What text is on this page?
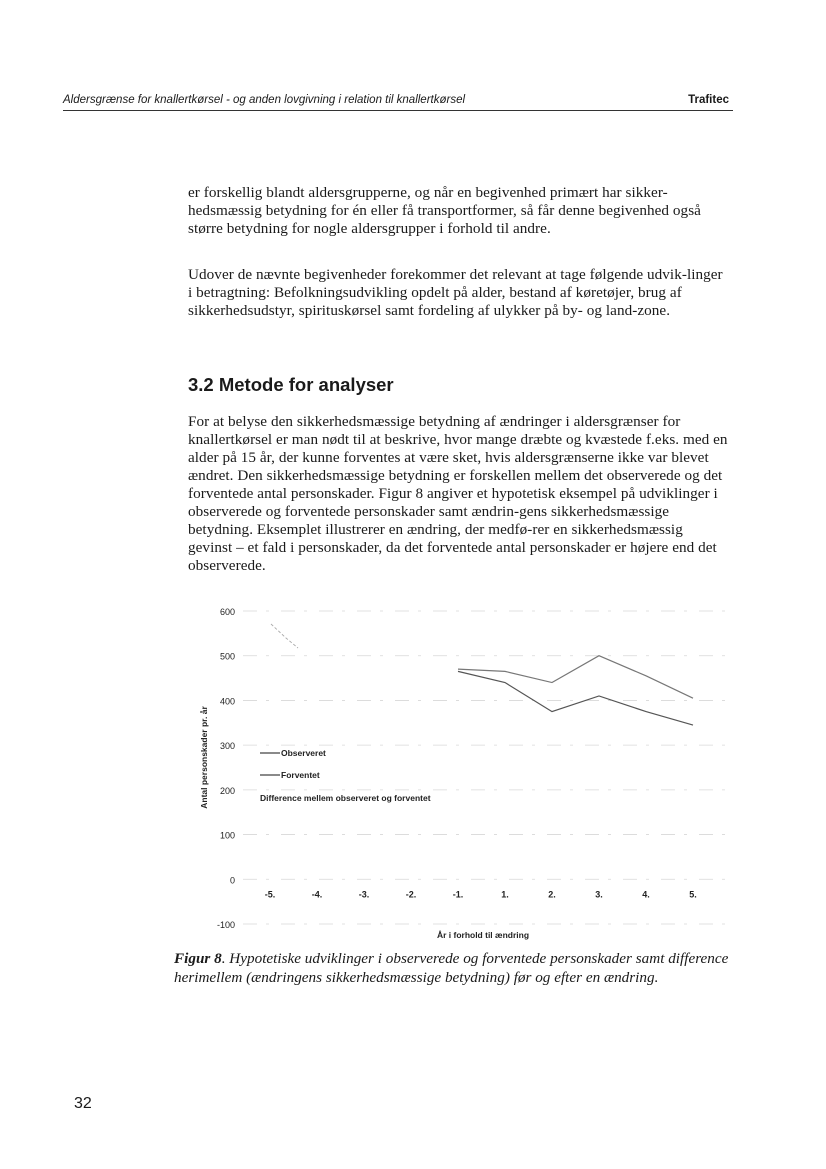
Aldersgrænse for knallertkørsel - og anden lovgivning i relation til knallertkørsel	Trafitec

er forskellig blandt aldersgrupperne, og når en begivenhed primært har sikker-hedsmæssig betydning for én eller få transportformer, så får denne begivenhed også større betydning for nogle aldersgrupper i forhold til andre.

Udover de nævnte begivenheder forekommer det relevant at tage følgende udvik-linger i betragtning: Befolkningsudvikling opdelt på alder, bestand af køretøjer, brug af sikkerhedsudstyr, spirituskørsel samt fordeling af ulykker på by- og land-zone.

3.2 Metode for analyser

For at belyse den sikkerhedsmæssige betydning af ændringer i aldersgrænser for knallertkørsel er man nødt til at beskrive, hvor mange dræbte og kvæstede f.eks. med en alder på 15 år, der kunne forventes at være sket, hvis aldersgrænserne ikke var blevet ændret. Den sikkerhedsmæssige betydning er forskellen mellem det observerede og det forventede antal personskader. Figur 8 angiver et hypotetisk eksempel på udviklinger i observerede og forventede personskader samt ændrin-gens sikkerhedsmæssige betydning. Eksemplet illustrerer en ændring, der medfø-rer en sikkerhedsmæssig gevinst – et fald i personskader, da det forventede antal personskader er højere end det observerede.

-100
0
100
200
300
400
500
600
-5.	-4.	-3.	-2.	-1.	1.	2.	3.	4.	5.
År i forhold til ændring
Antal personskader pr. år	Observeret
Forventet
Difference mellem observeret og forventet

Figur 8. Hypotetiske udviklinger i observerede og forventede personskader samt difference herimellem (ændringens sikkerhedsmæssige betydning) før og efter en ændring.

32
